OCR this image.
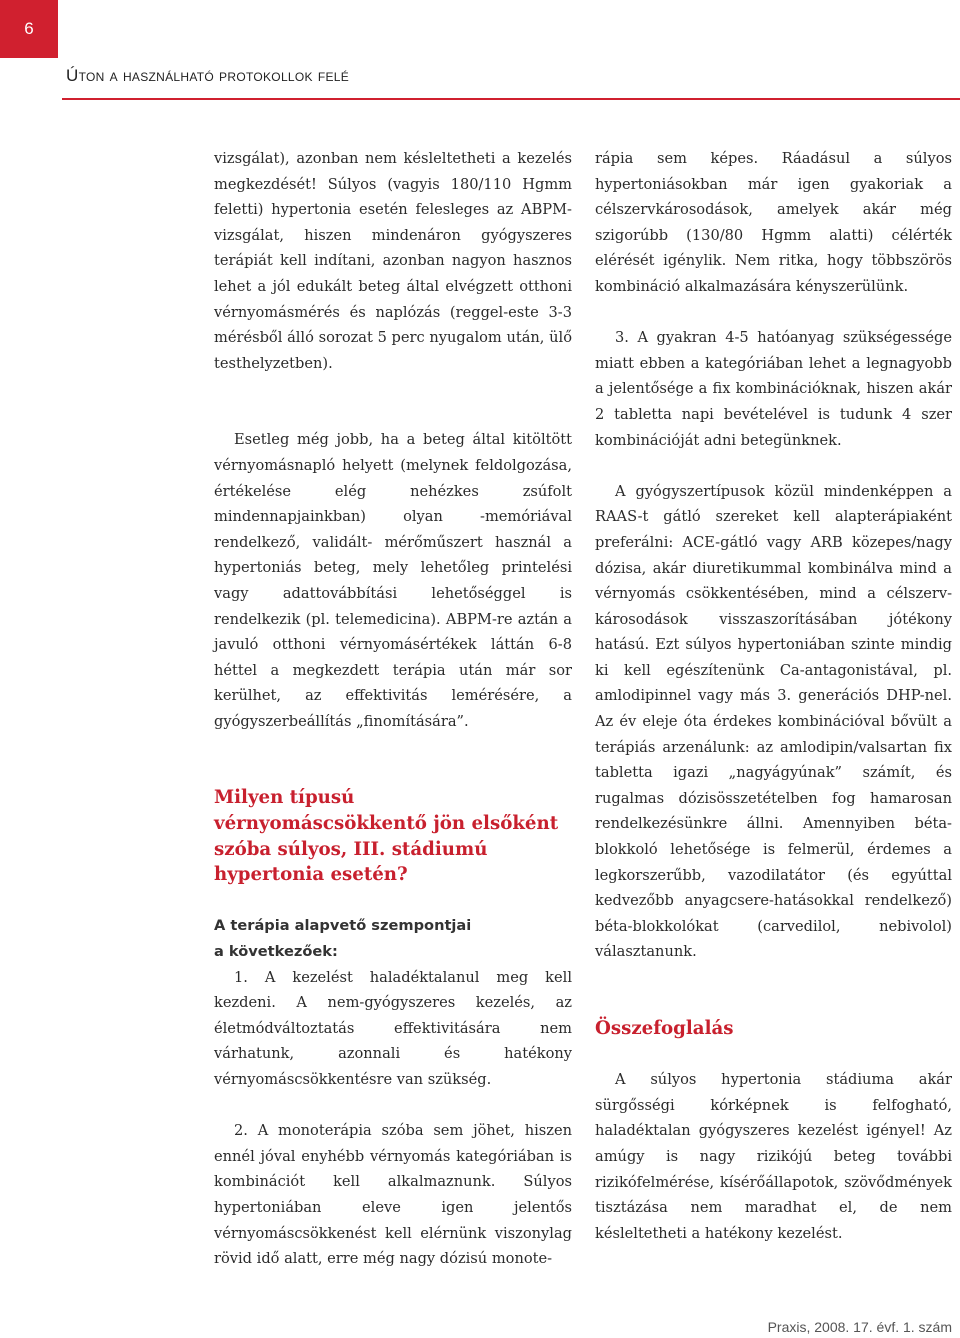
6
Úton a használható protokollok felé

vizsgálat), azonban nem késleltetheti a kezelés megkezdését! Súlyos (vagyis 180/110 Hgmm feletti) hypertonia esetén felesleges az ABPM-vizsgálat, hiszen mindenáron gyógyszeres terápiát kell indítani, azonban nagyon hasznos lehet a jól edukált beteg által elvégzett otthoni vérnyomásmérés és naplózás (reggel-este 3-3 mérésből álló sorozat 5 perc nyugalom után, ülő testhelyzetben).

Esetleg még jobb, ha a beteg által kitöltött vérnyomásnapló helyett (melynek feldolgozása, értékelése elég nehézkes zsúfolt mindennapjainkban) olyan -memóriával rendelkező, validált- mérőműszert használ a hypertoniás beteg, mely lehetőleg printelési vagy adattovábbítási lehetőséggel is rendelkezik (pl. telemedicina). ABPM-re aztán a javuló otthoni vérnyomásértékek láttán 6-8 héttel a megkezdett terápia után már sor kerülhet, az effektivitás lemérésére, a gyógyszerbeállítás „finomítására”.

Milyen típusú vérnyomáscsökkentő jön elsőként szóba súlyos, III. stádiumú hypertonia esetén?

A terápia alapvető szempontjai
a következőek:

1. A kezelést haladéktalanul meg kell kezdeni. A nem-gyógyszeres kezelés, az életmódváltoztatás effektivitására nem várhatunk, azonnali és hatékony vérnyomáscsökkentésre van szükség.

2. A monoterápia szóba sem jöhet, hiszen ennél jóval enyhébb vérnyomás kategóriában is kombinációt kell alkalmaznunk. Súlyos hypertoniában eleve igen jelentős vérnyomáscsökkenést kell elérnünk viszonylag rövid idő alatt, erre még nagy dózisú monote-

rápia sem képes. Ráadásul a súlyos hypertoniásokban már igen gyakoriak a célszervkárosodások, amelyek akár még szigorúbb (130/80 Hgmm alatti) célérték elérését igénylik. Nem ritka, hogy többszörös kombináció alkalmazására kényszerülünk.

3. A gyakran 4-5 hatóanyag szükségessége miatt ebben a kategóriában lehet a legnagyobb a jelentősége a fix kombinációknak, hiszen akár 2 tabletta napi bevételével is tudunk 4 szer kombinációját adni betegünknek.

A gyógyszertípusok közül mindenképpen a RAAS-t gátló szereket kell alapterápiaként preferálni: ACE-gátló vagy ARB közepes/nagy dózisa, akár diuretikummal kombinálva mind a vérnyomás csökkentésében, mind a célszerv-károsodások visszaszorításában jótékony hatású. Ezt súlyos hypertoniában szinte mindig ki kell egészítenünk Ca-antagonistával, pl. amlodipinnel vagy más 3. generációs DHP-nel. Az év eleje óta érdekes kombinációval bővült a terápiás arzenálunk: az amlodipin/valsartan fix tabletta igazi „nagyágyúnak” számít, és rugalmas dózisösszetételben fog hamarosan rendelkezésünkre állni. Amennyiben béta-blokkoló lehetősége is felmerül, érdemes a legkorszerűbb, vazodilatátor (és egyúttal kedvezőbb anyagcsere-hatásokkal rendelkező) béta-blokkolókat (carvedilol, nebivolol) választanunk.

Összefoglalás

A súlyos hypertonia stádiuma akár sürgősségi kórképnek is felfogható, haladéktalan gyógyszeres kezelést igényel! Az amúgy is nagy rizikójú beteg további rizikófelmérése, kísérőállapotok, szövődmények tisztázása nem maradhat el, de nem késleltetheti a hatékony kezelést.

Praxis, 2008. 17. évf. 1. szám
